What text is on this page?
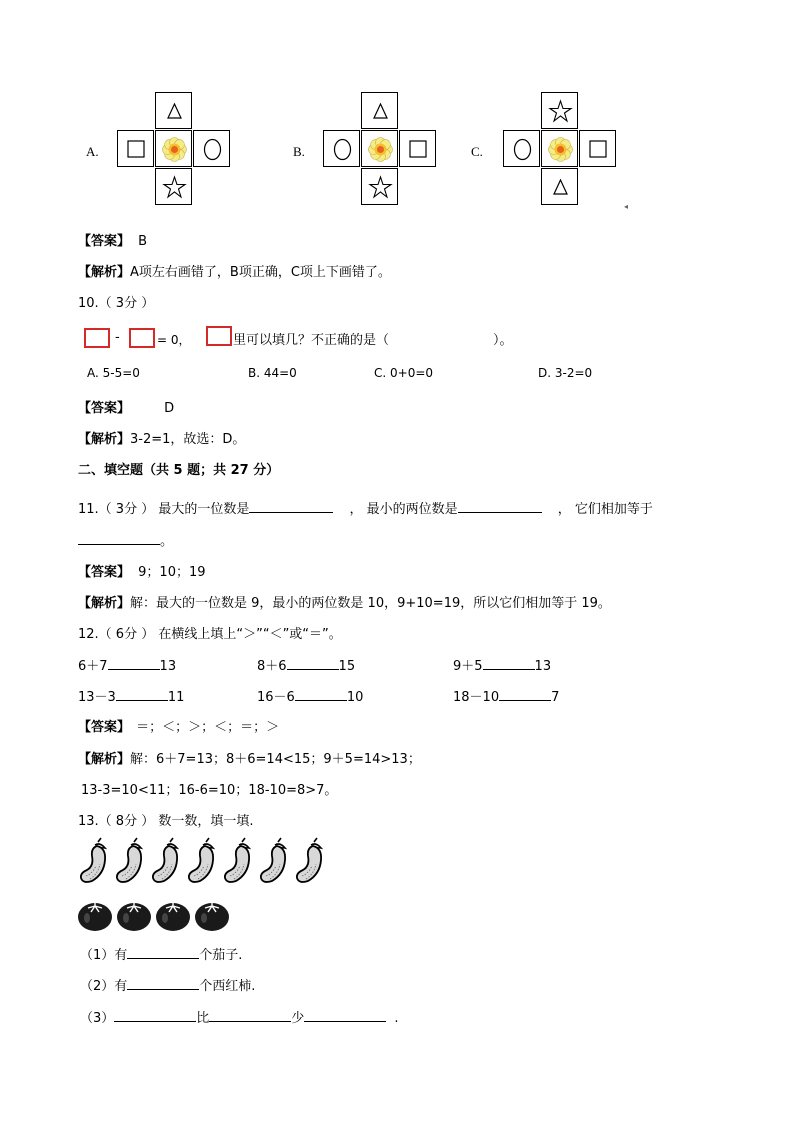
A.	B.	C.
◂
【答案】 B
【解析】A项左右画错了，B项正确，C项上下画错了。
10.（ 3分 ）
-	= 0，	里可以填几？不正确的是（	）。
A. 5-5=0	B. 44=0	C. 0+0=0	D. 3-2=0
【答案】	D
【解析】3-2=1，故选：D。
二、填空题（共 5 题；共 27 分）
11.（ 3分 ） 最大的一位数是	， 最小的两位数是	， 它们相加等于
。
【答案】 9；10；19
【解析】解：最大的一位数是 9，最小的两位数是 10，9+10=19，所以它们相加等于 19。
12.（ 6分 ） 在横线上填上“＞”“＜”或“＝”。
6＋7	13	8＋6	15	9＋5	13
13－3	11	16－6	10	18－10	7
【答案】 ＝；＜；＞；＜；＝；＞
【解析】解：6＋7=13；8＋6=14<15；9＋5=14>13；
13-3=10<11；16-6=10；18-10=8>7。
13.（ 8分 ） 数一数，填一填.
（1）有	个茄子.
（2）有	个西红柿.
（3）	比	少	.
